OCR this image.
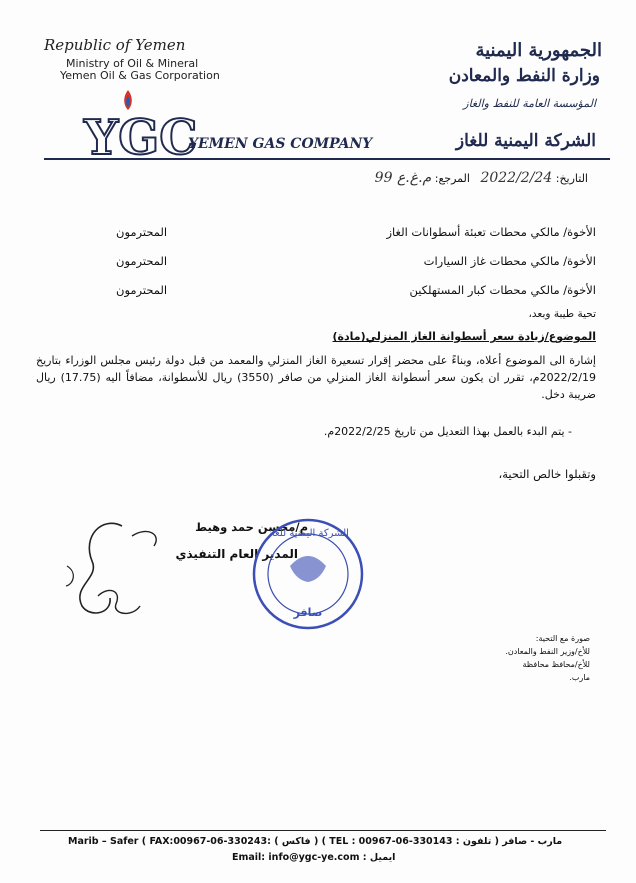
Republic of Yemen
Ministry of Oil & Mineral
Yemen Oil & Gas Corporation
الجمهورية اليمنية
وزارة النفط والمعادن
المؤسسة العامة للنفط والغاز
الشركة اليمنية للغاز
YEMEN GAS COMPANY
YGC
التاريخ: 2022/2/24   المرجع: م.غ.ع 99
الأخوة/ مالكي محطات تعبئة أسطوانات الغاز
المحترمون
الأخوة/ مالكي محطات غاز السيارات
المحترمون
الأخوة/ مالكي محطات كبار المستهلكين
المحترمون
تحية طيبة وبعد،
الموضوع/زيادة سعر أسطوانة الغاز المنزلي(مادة)
إشارة الى الموضوع أعلاه، وبناءً على محضر إقرار تسعيرة الغاز المنزلي والمعمد من قبل دولة رئيس مجلس الوزراء بتاريخ 2022/2/19م، تقرر ان يكون سعر أسطوانة الغاز المنزلي من صافر (3550) ريال للأسطوانة، مضافاً اليه (17.75) ريال ضريبة دخل.
- يتم البدء بالعمل بهذا التعديل من تاريخ 2022/2/25م.
وتقبلوا خالص التحية،
م/محسن حمد وهيط
المدير العام التنفيذي
الشركة اليمنية للغاز
صافر
صورة مع التحية:
للأخ/وزير النفط والمعادن.
للأخ/محافظ محافظة مارب.
Marib – Safer ( FAX:00967-06-330243: ( فاكس ) ( TEL : 00967-06-330143 : تلفون ) مارب - صافر
Email: info@ygc-ye.com : ايميل
